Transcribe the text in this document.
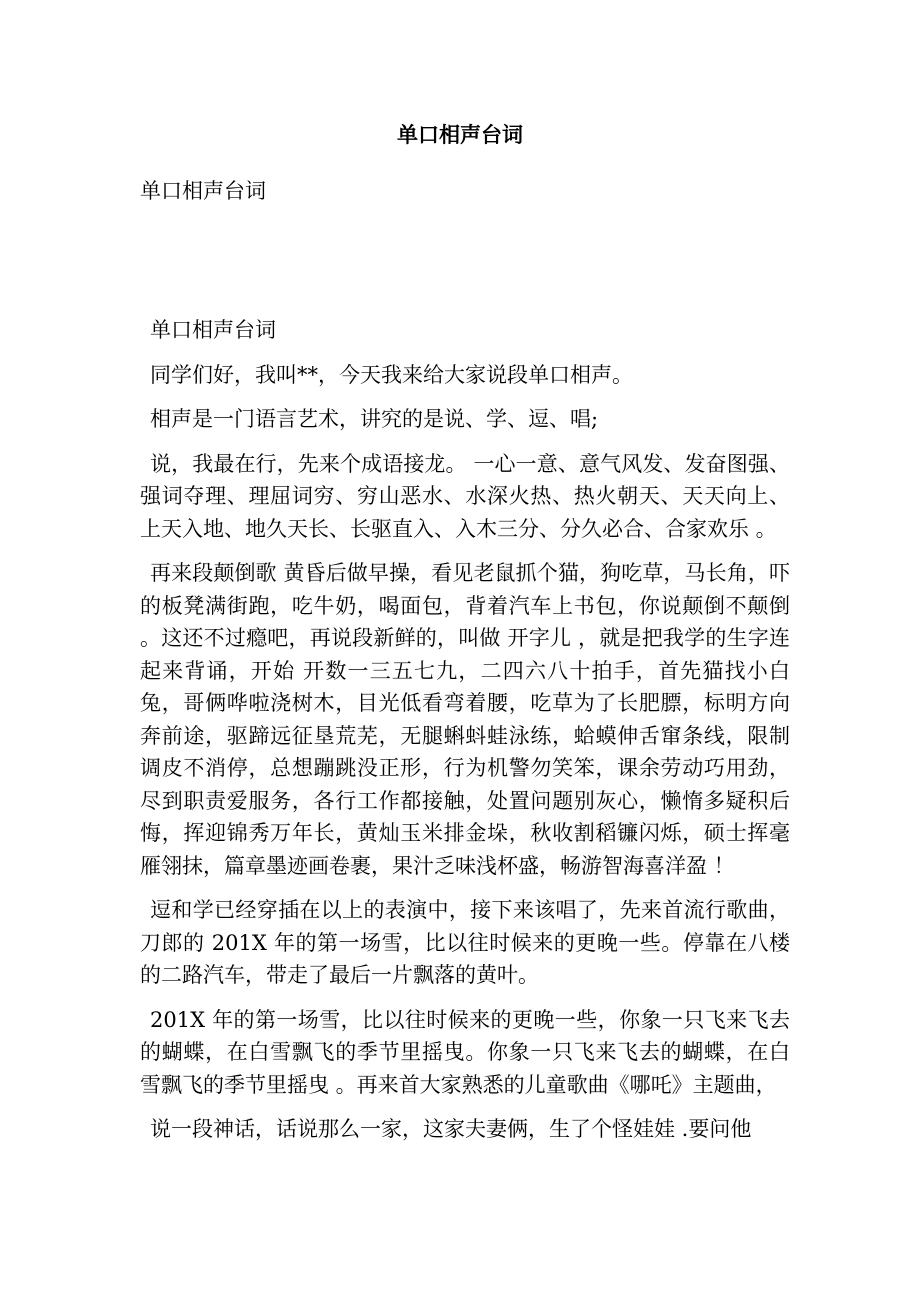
单口相声台词

单口相声台词

单口相声台词

同学们好，我叫**，今天我来给大家说段单口相声。

相声是一门语言艺术，讲究的是说、学、逗、唱;

说，我最在行，先来个成语接龙。 一心一意、意气风发、发奋图强、强词夺理、理屈词穷、穷山恶水、水深火热、热火朝天、天天向上、上天入地、地久天长、长驱直入、入木三分、分久必合、合家欢乐 。

再来段颠倒歌 黄昏后做早操，看见老鼠抓个猫，狗吃草，马长角，吓的板凳满街跑，吃牛奶，喝面包，背着汽车上书包，你说颠倒不颠倒 。这还不过瘾吧，再说段新鲜的，叫做 开字儿 ，就是把我学的生字连起来背诵，开始 开数一三五七九，二四六八十拍手，首先猫找小白兔，哥俩哗啦浇树木，目光低看弯着腰，吃草为了长肥膘，标明方向奔前途，驱蹄远征垦荒芜，无腿蝌蚪蛙泳练，蛤蟆伸舌窜条线，限制调皮不消停，总想蹦跳没正形，行为机警勿笑笨，课余劳动巧用劲，尽到职责爱服务，各行工作都接触，处置问题别灰心，懒惰多疑积后悔，挥迎锦秀万年长，黄灿玉米排金垛，秋收割稻镰闪烁，硕士挥毫雁翎抹，篇章墨迹画卷裹，果汁乏味浅杯盛，畅游智海喜洋盈 ！

逗和学已经穿插在以上的表演中，接下来该唱了，先来首流行歌曲，刀郎的 201X 年的第一场雪，比以往时候来的更晚一些。停靠在八楼的二路汽车，带走了最后一片飘落的黄叶。

201X 年的第一场雪，比以往时候来的更晚一些，你象一只飞来飞去的蝴蝶，在白雪飘飞的季节里摇曳。你象一只飞来飞去的蝴蝶，在白雪飘飞的季节里摇曳 。再来首大家熟悉的儿童歌曲《哪吒》主题曲，

说一段神话，话说那么一家，这家夫妻俩，生了个怪娃娃 .要问他
